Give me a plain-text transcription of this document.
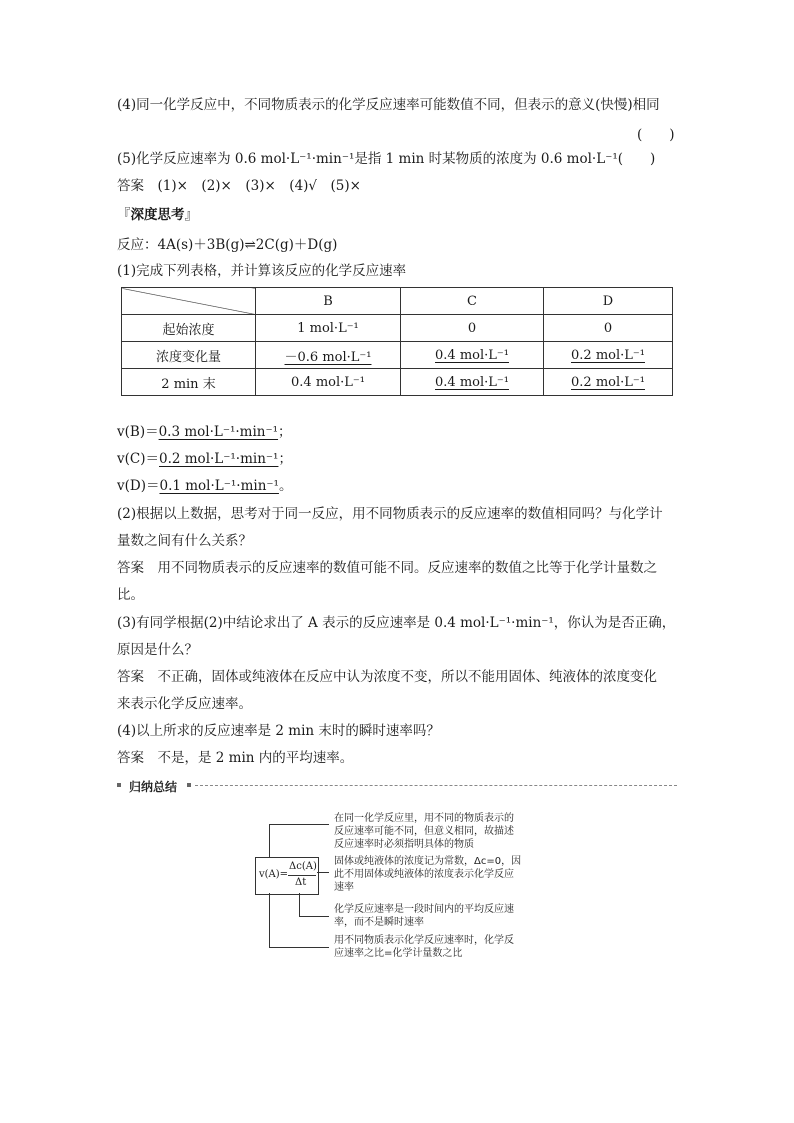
(4)同一化学反应中，不同物质表示的化学反应速率可能数值不同，但表示的意义(快慢)相同
(　　)
(5)化学反应速率为 0.6 mol·L⁻¹·min⁻¹是指 1 min 时某物质的浓度为 0.6 mol·L⁻¹(　　)
答案　(1)×　(2)×　(3)×　(4)√　(5)×
『深度思考』
反应：4A(s)＋3B(g)⇌2C(g)＋D(g)
(1)完成下列表格，并计算该反应的化学反应速率
	B	C	D
起始浓度	1 mol·L⁻¹	0	0
浓度变化量	－0.6 mol·L⁻¹	0.4 mol·L⁻¹	0.2 mol·L⁻¹
2 min 末	0.4 mol·L⁻¹	0.4 mol·L⁻¹	0.2 mol·L⁻¹
v(B)＝0.3 mol·L⁻¹·min⁻¹；
v(C)＝0.2 mol·L⁻¹·min⁻¹；
v(D)＝0.1 mol·L⁻¹·min⁻¹。
(2)根据以上数据，思考对于同一反应，用不同物质表示的反应速率的数值相同吗？与化学计
量数之间有什么关系？
答案　用不同物质表示的反应速率的数值可能不同。反应速率的数值之比等于化学计量数之
比。
(3)有同学根据(2)中结论求出了 A 表示的反应速率是 0.4 mol·L⁻¹·min⁻¹，你认为是否正确，
原因是什么？
答案　不正确，固体或纯液体在反应中认为浓度不变，所以不能用固体、纯液体的浓度变化
来表示化学反应速率。
(4)以上所求的反应速率是 2 min 末时的瞬时速率吗？
答案　不是，是 2 min 内的平均速率。
归纳总结
v(A)=
Δc(A)
Δt
在同一化学反应里，用不同的物质表示的
反应速率可能不同，但意义相同，故描述
反应速率时必须指明具体的物质
固体或纯液体的浓度记为常数，Δc=0，因
此不用固体或纯液体的浓度表示化学反应
速率
化学反应速率是一段时间内的平均反应速
率，而不是瞬时速率
用不同物质表示化学反应速率时，化学反
应速率之比=化学计量数之比
